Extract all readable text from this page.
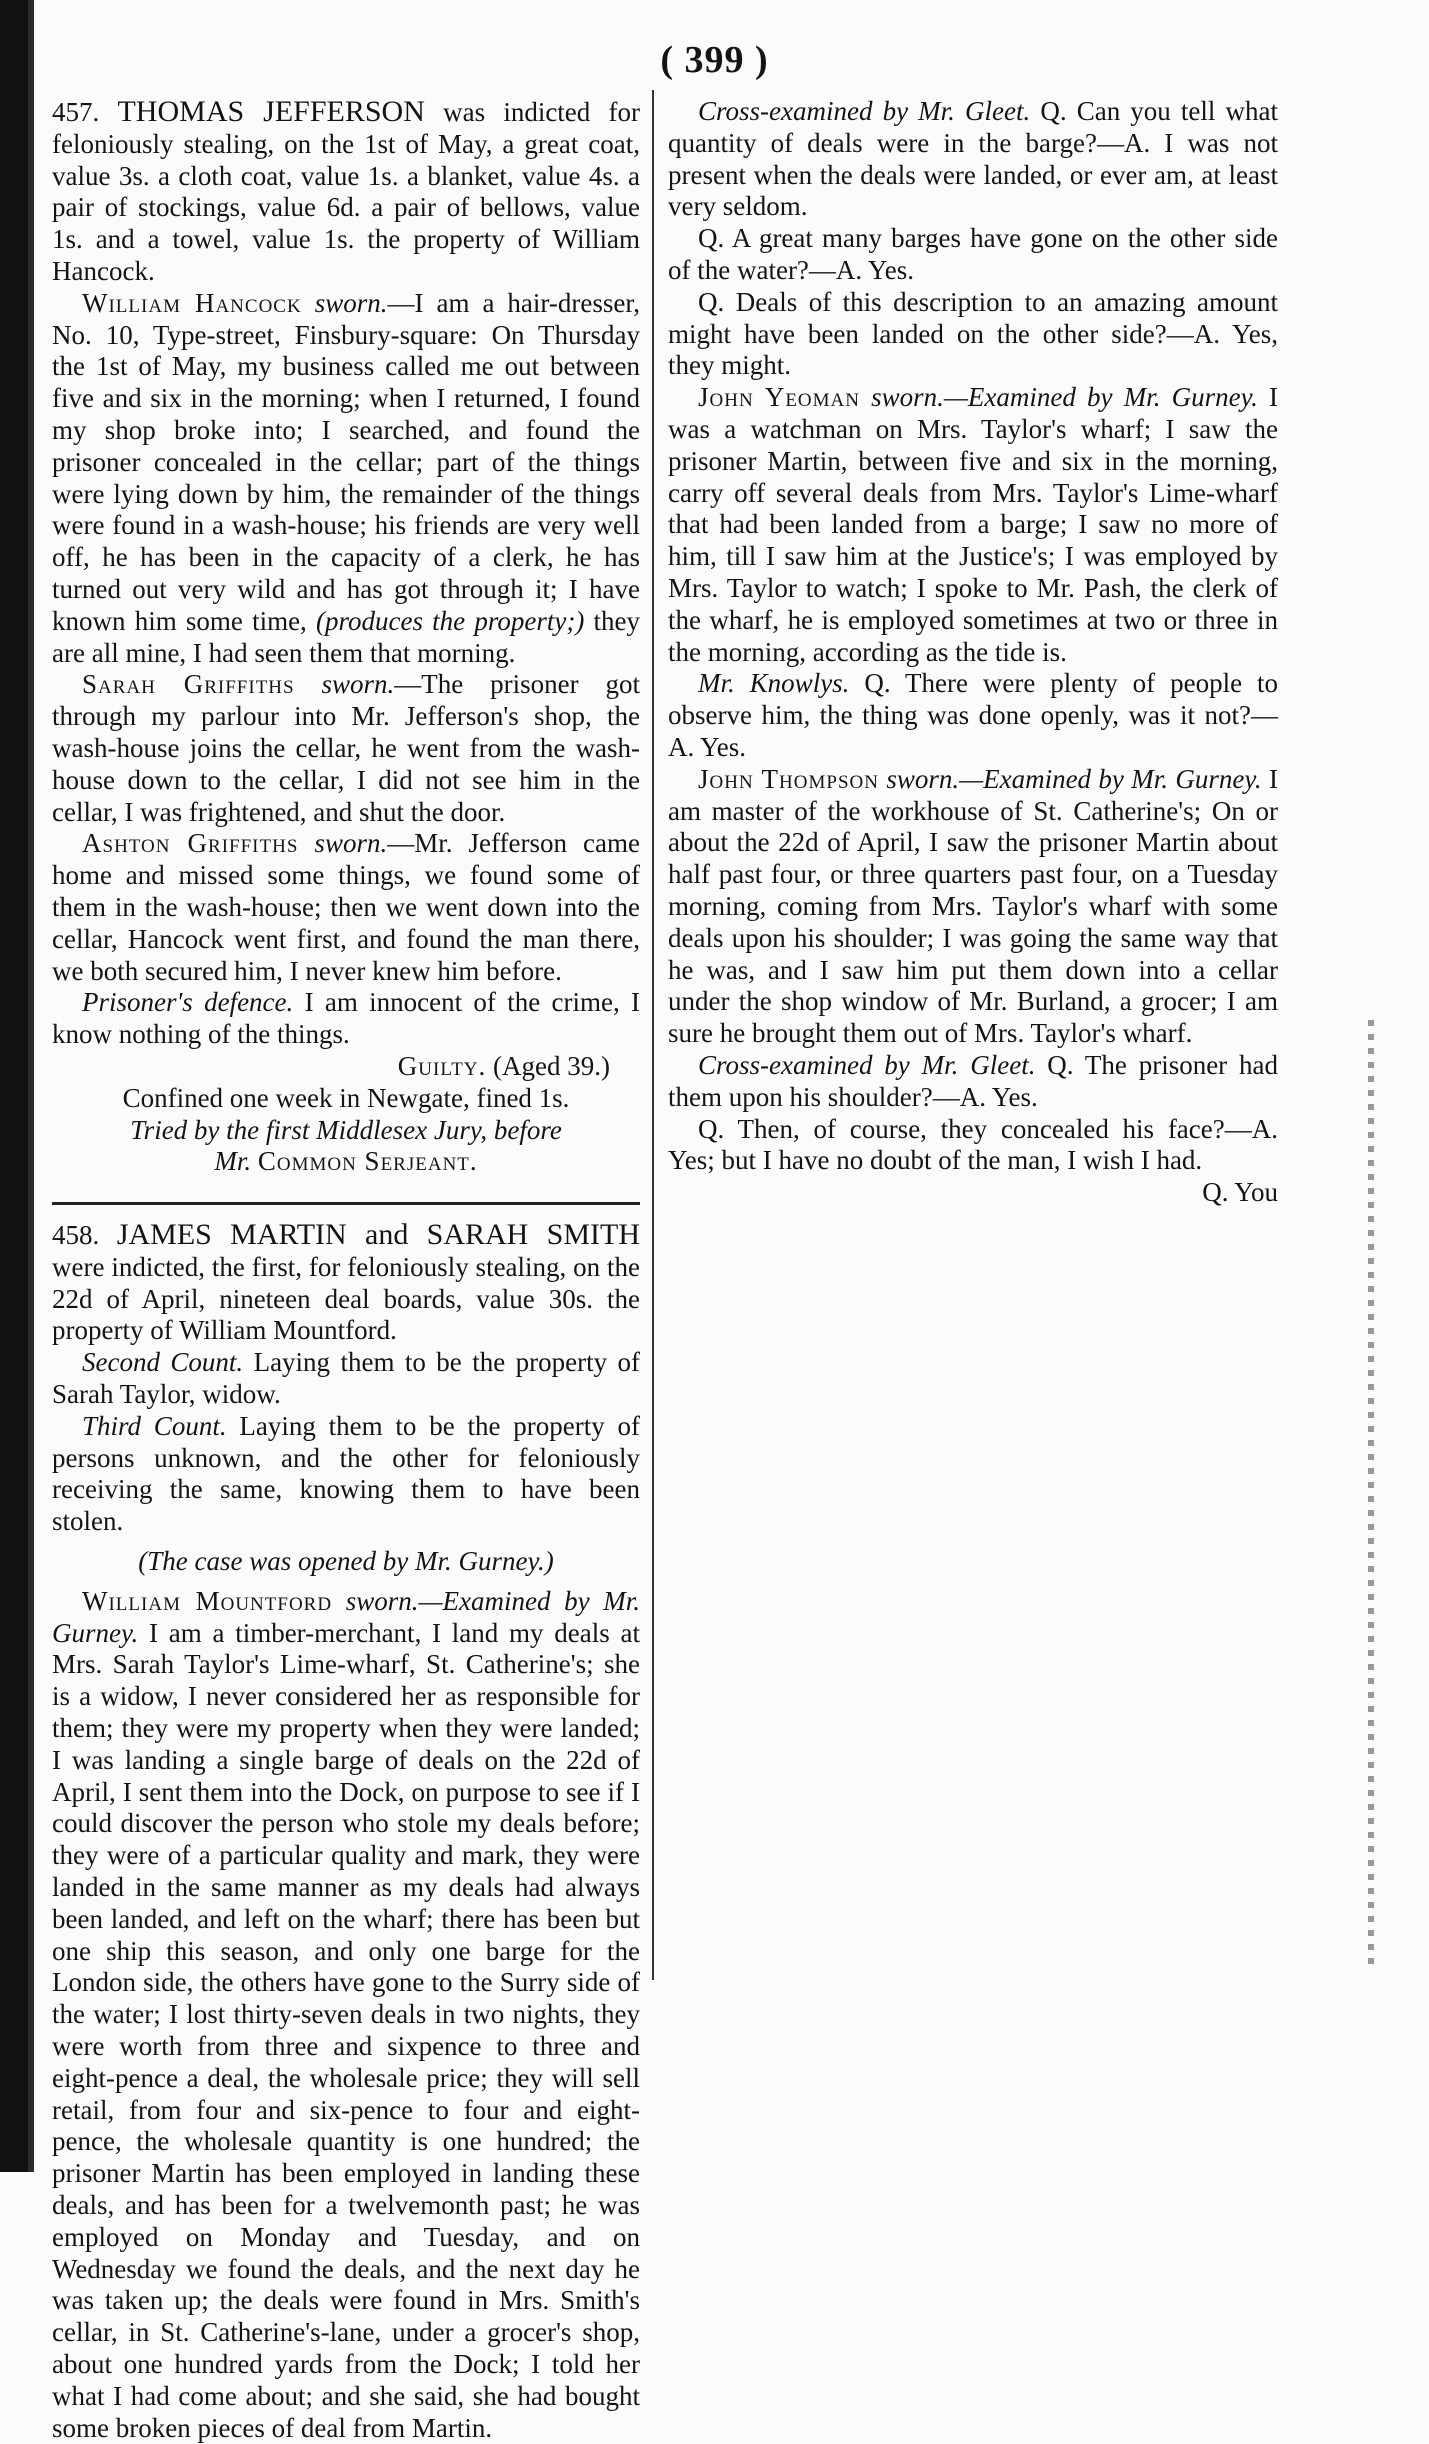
( 399 )

457. THOMAS JEFFERSON was indicted for feloniously stealing, on the 1st of May, a great coat, value 3s. a cloth coat, value 1s. a blanket, value 4s. a pair of stockings, value 6d. a pair of bellows, value 1s. and a towel, value 1s. the property of William Hancock.

William Hancock sworn.—I am a hair-dresser, No. 10, Type-street, Finsbury-square: On Thursday the 1st of May, my business called me out between five and six in the morning; when I returned, I found my shop broke into; I searched, and found the prisoner concealed in the cellar; part of the things were lying down by him, the remainder of the things were found in a wash-house; his friends are very well off, he has been in the capacity of a clerk, he has turned out very wild and has got through it; I have known him some time, (produces the property;) they are all mine, I had seen them that morning.

Sarah Griffiths sworn.—The prisoner got through my parlour into Mr. Jefferson's shop, the wash-house joins the cellar, he went from the wash-house down to the cellar, I did not see him in the cellar, I was frightened, and shut the door.

Ashton Griffiths sworn.—Mr. Jefferson came home and missed some things, we found some of them in the wash-house; then we went down into the cellar, Hancock went first, and found the man there, we both secured him, I never knew him before.

Prisoner's defence. I am innocent of the crime, I know nothing of the things.

Guilty. (Aged 39.)

Confined one week in Newgate, fined 1s.

Tried by the first Middlesex Jury, before

Mr. Common Serjeant.

458. JAMES MARTIN and SARAH SMITH were indicted, the first, for feloniously stealing, on the 22d of April, nineteen deal boards, value 30s. the property of William Mountford.

Second Count. Laying them to be the property of Sarah Taylor, widow.

Third Count. Laying them to be the property of persons unknown, and the other for feloniously receiving the same, knowing them to have been stolen.

(The case was opened by Mr. Gurney.)

William Mountford sworn.—Examined by Mr. Gurney. I am a timber-merchant, I land my deals at Mrs. Sarah Taylor's Lime-wharf, St. Catherine's; she is a widow, I never considered her as responsible for them; they were my property when they were landed; I was landing a single barge of deals on the 22d of April, I sent them into the Dock, on purpose to see if I could discover the person who stole my deals before; they were of a particular quality and mark, they were landed in the same manner as my deals had always been landed, and left on the wharf; there has been but one ship this season, and only one barge for the London side, the others have gone to the Surry side of the water; I lost thirty-seven deals in two nights, they were worth from three and sixpence to three and eight-pence a deal, the wholesale price; they will sell retail, from four and six-pence to four and eight-pence, the wholesale quantity is one hundred; the prisoner Martin has been employed in landing these deals, and has been for a twelvemonth past; he was employed on Monday and Tuesday, and on Wednesday we found the deals, and the next day he was taken up; the deals were found in Mrs. Smith's cellar, in St. Catherine's-lane, under a grocer's shop, about one hundred yards from the Dock; I told her what I had come about; and she said, she had bought some broken pieces of deal from Martin.

Cross-examined by Mr. Gleet. Q. Can you tell what quantity of deals were in the barge?—A. I was not present when the deals were landed, or ever am, at least very seldom.

Q. A great many barges have gone on the other side of the water?—A. Yes.

Q. Deals of this description to an amazing amount might have been landed on the other side?—A. Yes, they might.

John Yeoman sworn.—Examined by Mr. Gurney. I was a watchman on Mrs. Taylor's wharf; I saw the prisoner Martin, between five and six in the morning, carry off several deals from Mrs. Taylor's Lime-wharf that had been landed from a barge; I saw no more of him, till I saw him at the Justice's; I was employed by Mrs. Taylor to watch; I spoke to Mr. Pash, the clerk of the wharf, he is employed sometimes at two or three in the morning, according as the tide is.

Mr. Knowlys. Q. There were plenty of people to observe him, the thing was done openly, was it not?—A. Yes.

John Thompson sworn.—Examined by Mr. Gurney. I am master of the workhouse of St. Catherine's; On or about the 22d of April, I saw the prisoner Martin about half past four, or three quarters past four, on a Tuesday morning, coming from Mrs. Taylor's wharf with some deals upon his shoulder; I was going the same way that he was, and I saw him put them down into a cellar under the shop window of Mr. Burland, a grocer; I am sure he brought them out of Mrs. Taylor's wharf.

Cross-examined by Mr. Gleet. Q. The prisoner had them upon his shoulder?—A. Yes.

Q. Then, of course, they concealed his face?—A. Yes; but I have no doubt of the man, I wish I had.

Q. You
